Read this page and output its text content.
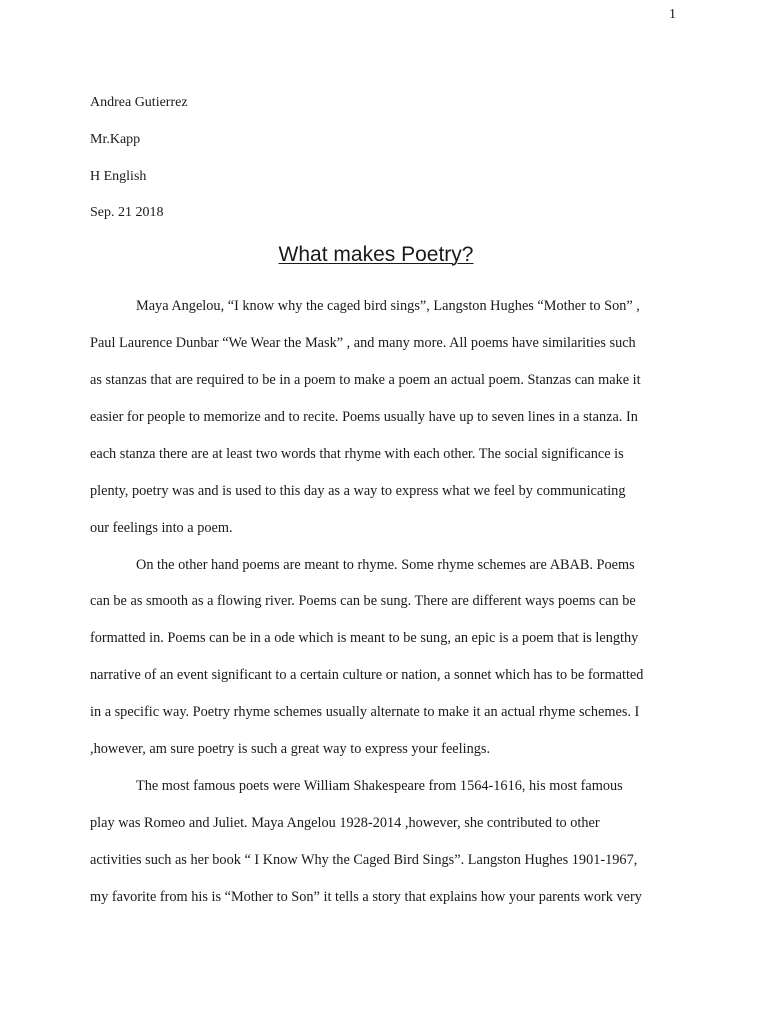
1
Andrea Gutierrez
Mr.Kapp
H English
Sep. 21 2018
What makes Poetry?
Maya Angelou, “I know why the caged bird sings”, Langston Hughes “Mother to Son” ,
Paul Laurence Dunbar “We Wear the Mask” , and many more. All poems have similarities such
as stanzas that are required to be in a poem to make a poem an actual poem. Stanzas can make it
easier for people to memorize and to recite. Poems usually have up to seven lines in a stanza. In
each stanza there are at least two words that rhyme with each other. The social significance is
plenty, poetry was and is used to this day as a way to express what we feel by communicating
our feelings into a poem.
On the other hand poems are meant to rhyme. Some rhyme schemes are ABAB. Poems
can be as smooth as a flowing river. Poems can be sung. There are different ways poems can be
formatted in. Poems can be in a ode which is meant to be sung, an epic is a poem that is lengthy
narrative of an event significant to a certain culture or nation, a sonnet which has to be formatted
in a specific way. Poetry rhyme schemes usually alternate to make it an actual rhyme schemes. I
,however, am sure poetry is such a great way to express your feelings.
The most famous poets were William Shakespeare from 1564-1616, his most famous
play was Romeo and Juliet. Maya Angelou 1928-2014 ,however, she contributed to other
activities such as her book “ I Know Why the Caged Bird Sings”. Langston Hughes 1901-1967,
my favorite from his is “Mother to Son” it tells a story that explains how your parents work very
